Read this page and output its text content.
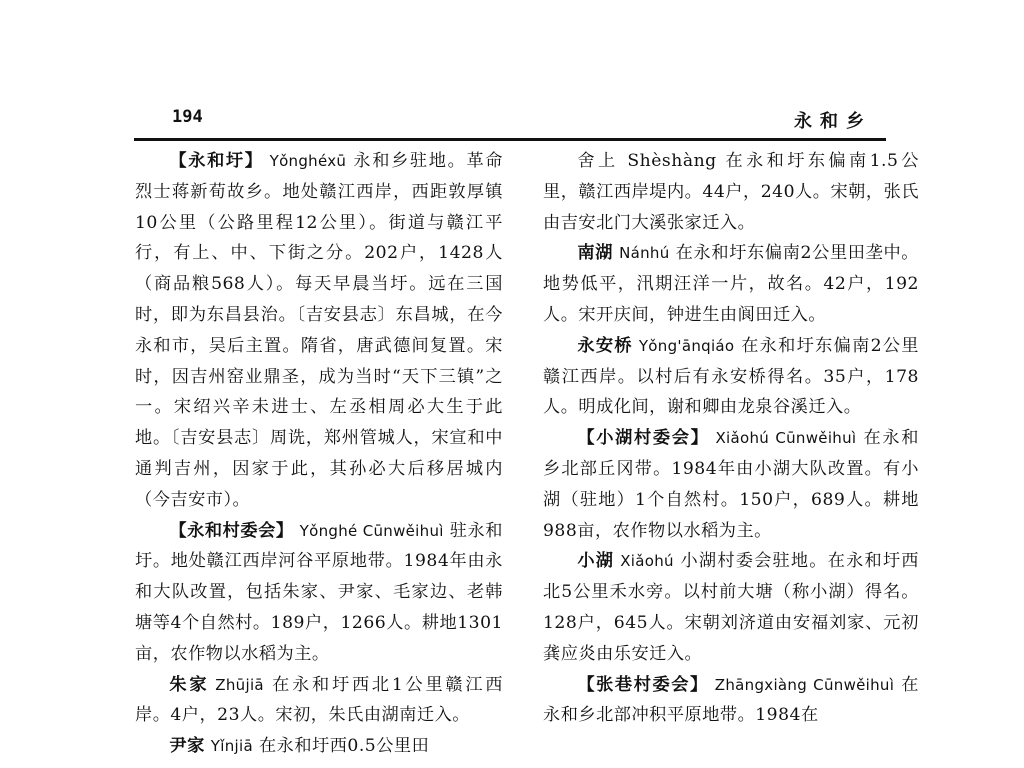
194	永和乡

【永和圩】 Yǒnghéxū 永和乡驻地。革命烈士蒋新荀故乡。地处赣江西岸，西距敦厚镇10公里（公路里程12公里）。街道与赣江平行，有上、中、下街之分。202户，1428人（商品粮568人）。每天早晨当圩。远在三国时，即为东昌县治。〔吉安县志〕东昌城，在今永和市，吴后主置。隋省，唐武德间复置。宋时，因吉州窑业鼎圣，成为当时“天下三镇”之一。宋绍兴辛未进士、左丞相周必大生于此地。〔吉安县志〕周诜，郑州管城人，宋宣和中通判吉州，因家于此，其孙必大后移居城内（今吉安市）。

【永和村委会】 Yǒnghé Cūnwěihuì 驻永和圩。地处赣江西岸河谷平原地带。1984年由永和大队改置，包括朱家、尹家、毛家边、老韩塘等4个自然村。189户，1266人。耕地1301亩，农作物以水稻为主。

朱家 Zhūjiā 在永和圩西北1公里赣江西岸。4户，23人。宋初，朱氏由湖南迁入。

尹家 Yǐnjiā 在永和圩西0.5公里田

舍上 Shèshàng 在永和圩东偏南1.5公里，赣江西岸堤内。44户，240人。宋朝，张氏由吉安北门大溪张家迁入。

南湖 Nánhú 在永和圩东偏南2公里田垄中。地势低平，汛期汪洋一片，故名。42户，192人。宋开庆间，钟进生由阆田迁入。

永安桥 Yǒng'ānqiáo 在永和圩东偏南2公里赣江西岸。以村后有永安桥得名。35户，178人。明成化间，谢和卿由龙泉谷溪迁入。

【小湖村委会】 Xiǎohú Cūnwěihuì 在永和乡北部丘冈带。1984年由小湖大队改置。有小湖（驻地）1个自然村。150户，689人。耕地988亩，农作物以水稻为主。

小湖 Xiǎohú 小湖村委会驻地。在永和圩西北5公里禾水旁。以村前大塘（称小湖）得名。128户，645人。宋朝刘济道由安福刘家、元初龚应炎由乐安迁入。

【张巷村委会】 Zhāngxiàng Cūnwěihuì 在永和乡北部冲积平原地带。1984在
